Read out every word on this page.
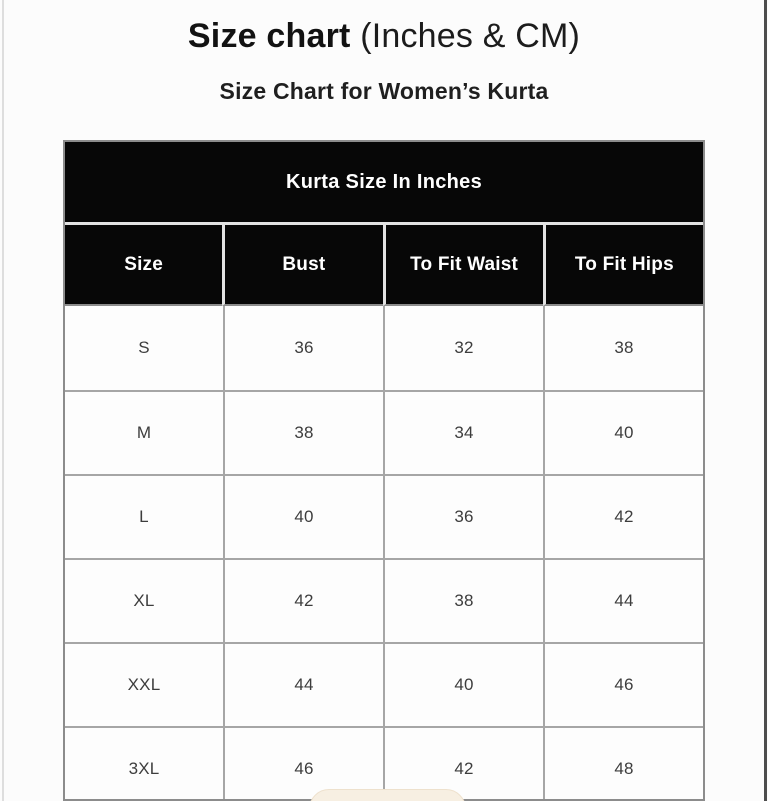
Size chart (Inches & CM)
Size Chart for Women’s Kurta
Kurta Size In Inches
Size	Bust	To Fit Waist	To Fit Hips
S	36	32	38
M	38	34	40
L	40	36	42
XL	42	38	44
XXL	44	40	46
3XL	46	42	48
